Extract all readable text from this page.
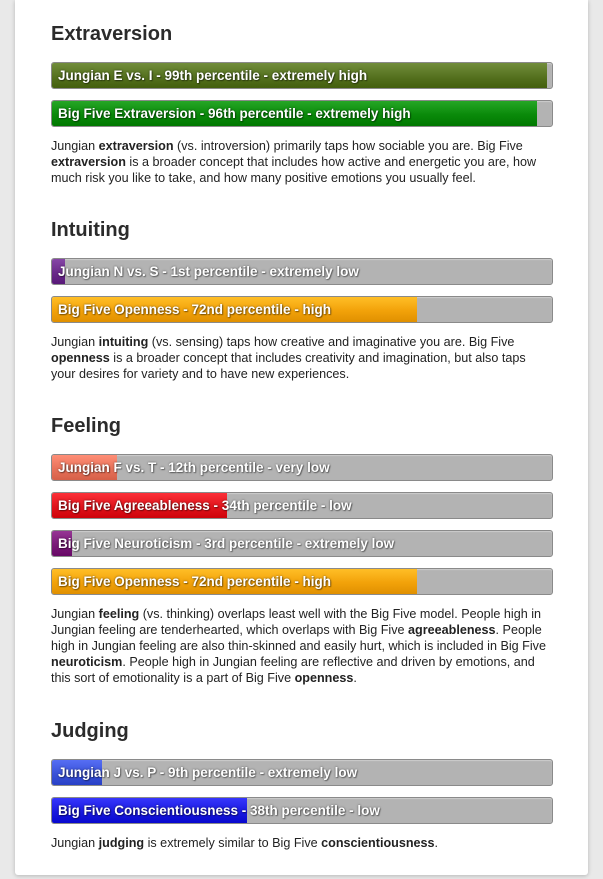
Extraversion
Jungian E vs. I - 99th percentile - extremely high
Big Five Extraversion - 96th percentile - extremely high

Jungian extraversion (vs. introversion) primarily taps how sociable you are. Big Five extraversion is a broader concept that includes how active and energetic you are, how much risk you like to take, and how many positive emotions you usually feel.

Intuiting
Jungian N vs. S - 1st percentile - extremely low
Big Five Openness - 72nd percentile - high

Jungian intuiting (vs. sensing) taps how creative and imaginative you are. Big Five openness is a broader concept that includes creativity and imagination, but also taps your desires for variety and to have new experiences.

Feeling
Jungian F vs. T - 12th percentile - very low
Big Five Agreeableness - 34th percentile - low
Big Five Neuroticism - 3rd percentile - extremely low
Big Five Openness - 72nd percentile - high

Jungian feeling (vs. thinking) overlaps least well with the Big Five model. People high in Jungian feeling are tenderhearted, which overlaps with Big Five agreeableness. People high in Jungian feeling are also thin-skinned and easily hurt, which is included in Big Five neuroticism. People high in Jungian feeling are reflective and driven by emotions, and this sort of emotionality is a part of Big Five openness.

Judging
Jungian J vs. P - 9th percentile - extremely low
Big Five Conscientiousness - 38th percentile - low

Jungian judging is extremely similar to Big Five conscientiousness.
